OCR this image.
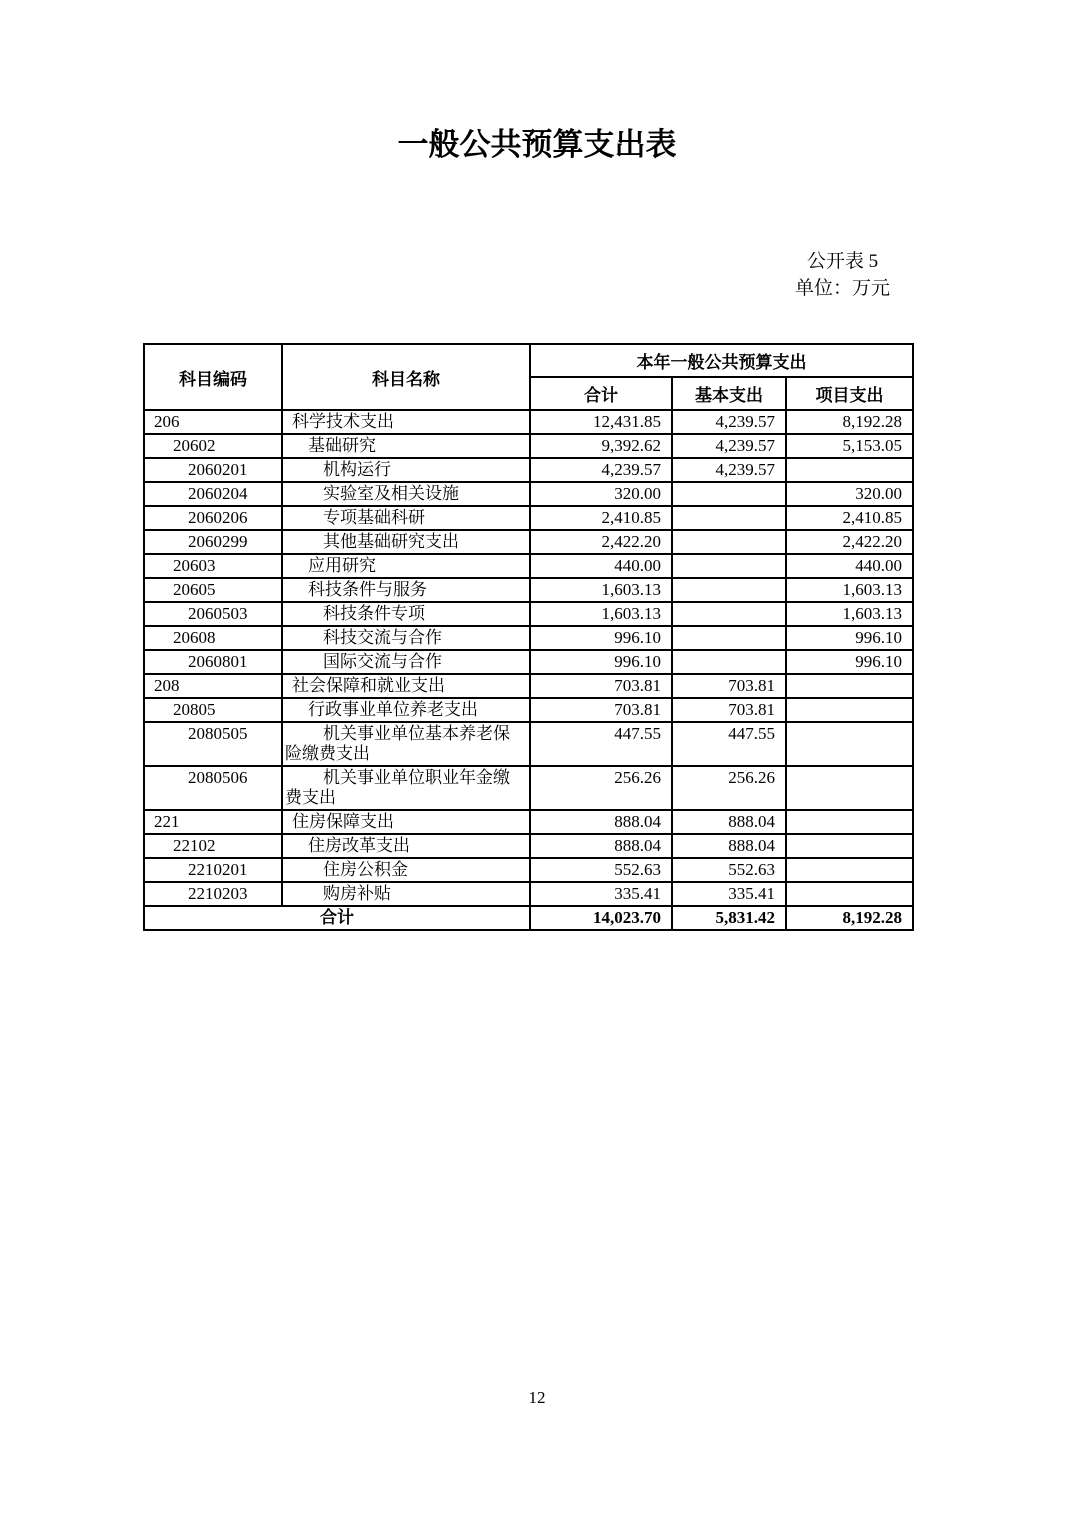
一般公共预算支出表
公开表 5
单位：万元
科目编码	科目名称	本年一般公共预算支出		
		合计	基本支出	项目支出
206	科学技术支出	12,431.85	4,239.57	8,192.28
20602	基础研究	9,392.62	4,239.57	5,153.05
2060201	机构运行	4,239.57	4,239.57	
2060204	实验室及相关设施	320.00		320.00
2060206	专项基础科研	2,410.85		2,410.85
2060299	其他基础研究支出	2,422.20		2,422.20
20603	应用研究	440.00		440.00
20605	科技条件与服务	1,603.13		1,603.13
2060503	科技条件专项	1,603.13		1,603.13
20608	科技交流与合作	996.10		996.10
2060801	国际交流与合作	996.10		996.10
208	社会保障和就业支出	703.81	703.81	
20805	行政事业单位养老支出	703.81	703.81	
2080505	机关事业单位基本养老保险缴费支出	447.55	447.55	
2080506	机关事业单位职业年金缴费支出	256.26	256.26	
221	住房保障支出	888.04	888.04	
22102	住房改革支出	888.04	888.04	
2210201	住房公积金	552.63	552.63	
2210203	购房补贴	335.41	335.41	
合计		14,023.70	5,831.42	8,192.28
12
